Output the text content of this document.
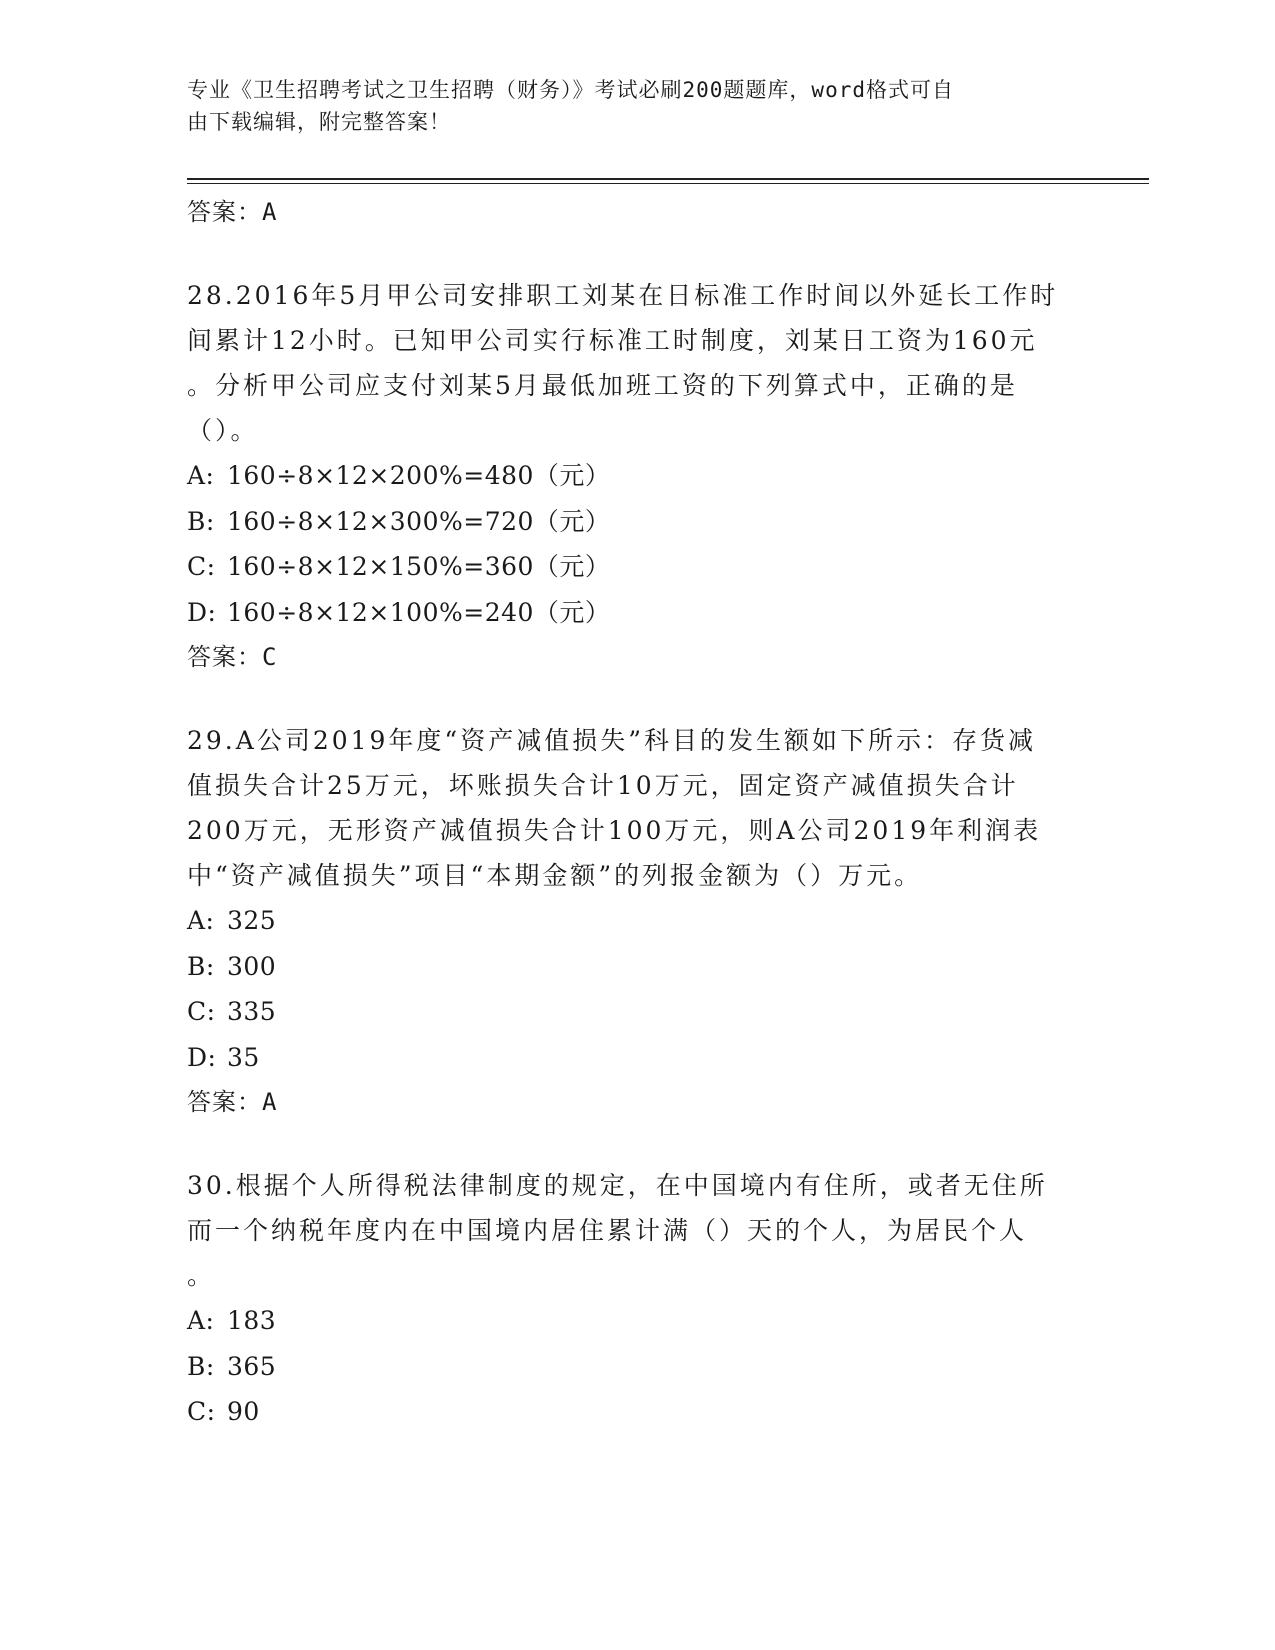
专业《卫生招聘考试之卫生招聘（财务）》考试必刷200题题库，word格式可自
由下载编辑，附完整答案！
答案：A
28.2016年5月甲公司安排职工刘某在日标准工作时间以外延长工作时
间累计12小时。已知甲公司实行标准工时制度，刘某日工资为160元
。分析甲公司应支付刘某5月最低加班工资的下列算式中，正确的是
（）。
A: 160÷8×12×200%=480（元）
B: 160÷8×12×300%=720（元）
C: 160÷8×12×150%=360（元）
D: 160÷8×12×100%=240（元）
答案：C
29.A公司2019年度“资产减值损失”科目的发生额如下所示：存货减
值损失合计25万元，坏账损失合计10万元，固定资产减值损失合计
200万元，无形资产减值损失合计100万元，则A公司2019年利润表
中“资产减值损失”项目“本期金额”的列报金额为（）万元。
A: 325
B: 300
C: 335
D: 35
答案：A
30.根据个人所得税法律制度的规定，在中国境内有住所，或者无住所
而一个纳税年度内在中国境内居住累计满（）天的个人，为居民个人
。
A: 183
B: 365
C: 90
